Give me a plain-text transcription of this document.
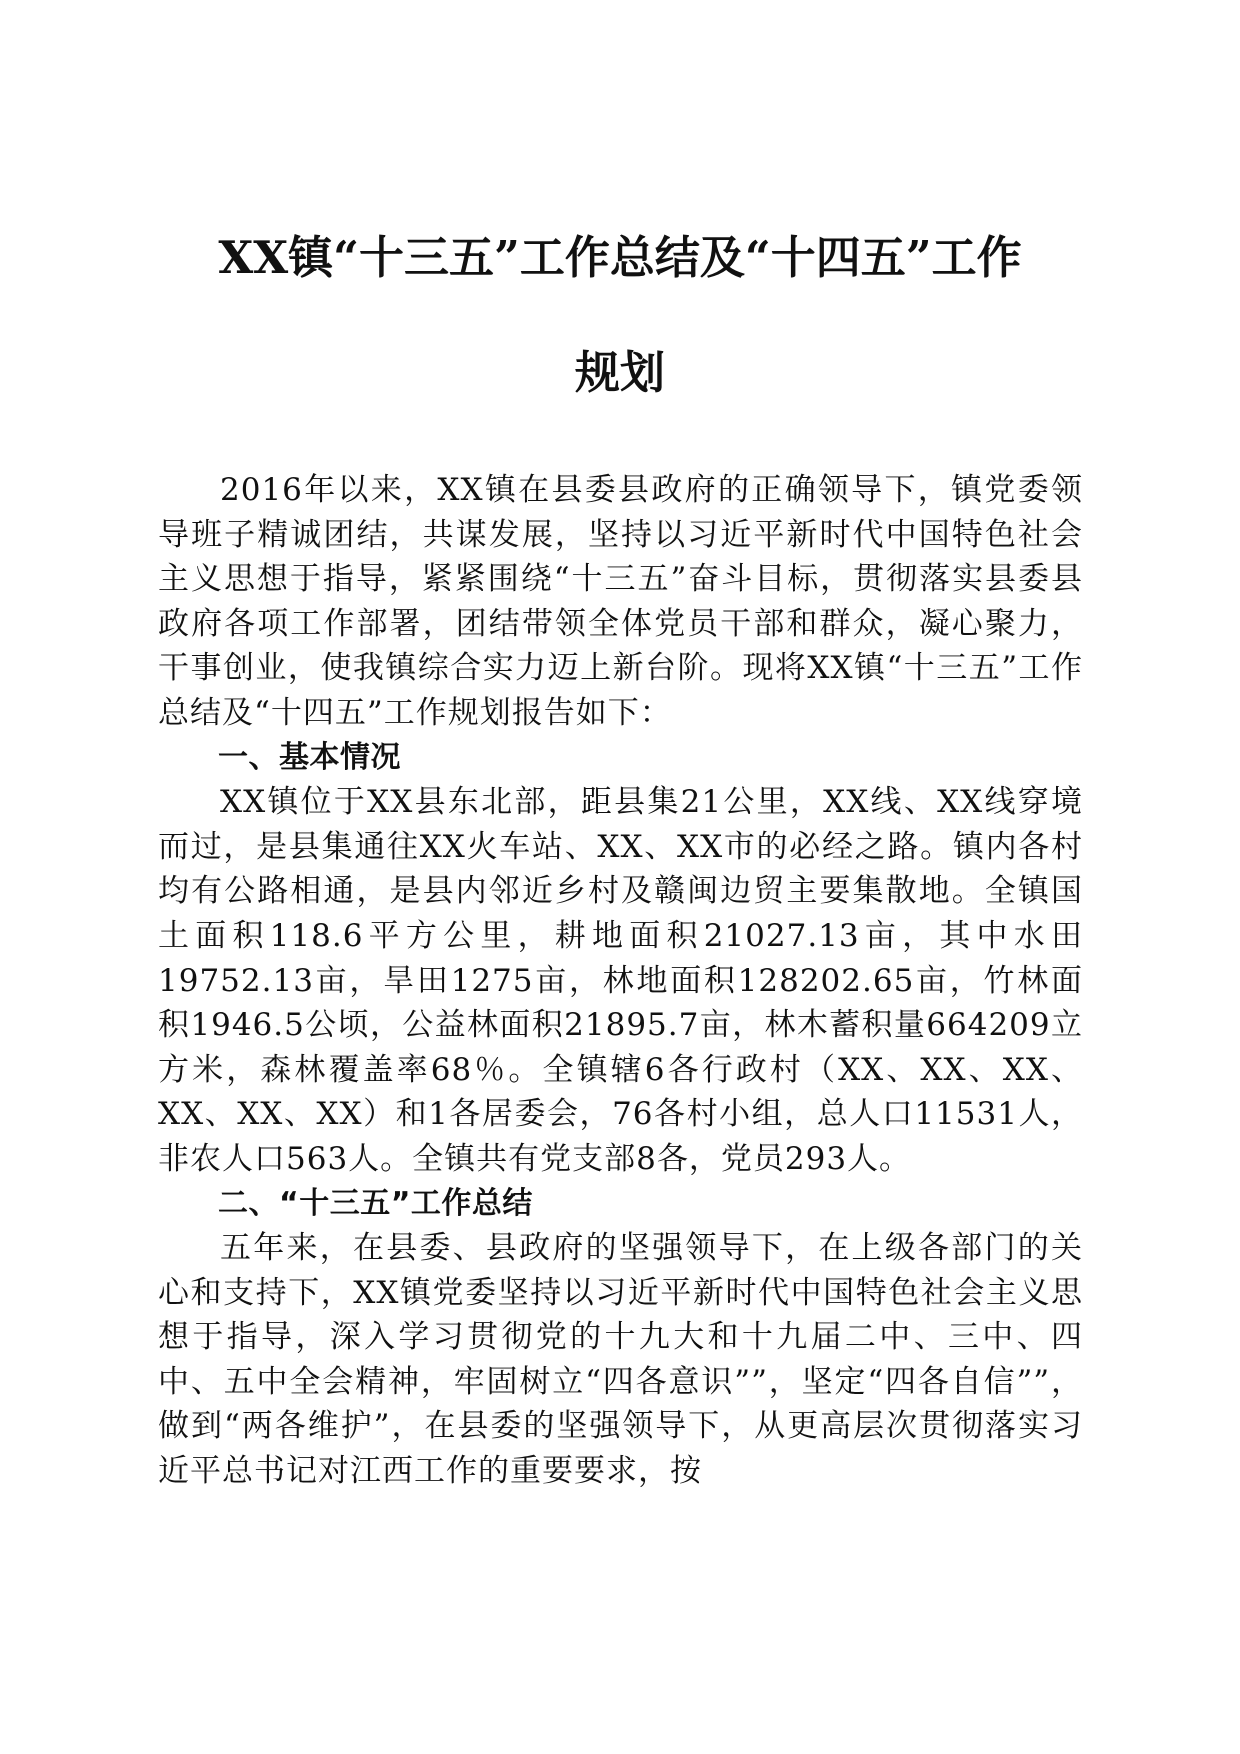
XX镇“十三五”工作总结及“十四五”工作
规划

2016年以来，XX镇在县委县政府的正确领导下，镇党委领导班子精诚团结，共谋发展，坚持以习近平新时代中国特色社会主义思想于指导，紧紧围绕“十三五”奋斗目标，贯彻落实县委县政府各项工作部署，团结带领全体党员干部和群众，凝心聚力，干事创业，使我镇综合实力迈上新台阶。现将XX镇“十三五”工作总结及“十四五”工作规划报告如下：

一、基本情况

XX镇位于XX县东北部，距县集21公里，XX线、XX线穿境而过，是县集通往XX火车站、XX、XX市的必经之路。镇内各村均有公路相通，是县内邻近乡村及赣闽边贸主要集散地。全镇国土面积118.6平方公里，耕地面积21027.13亩，其中水田19752.13亩，旱田1275亩，林地面积128202.65亩，竹林面积1946.5公顷，公益林面积21895.7亩，林木蓄积量664209立方米，森林覆盖率68％。全镇辖6各行政村（XX、XX、XX、XX、XX、XX）和1各居委会，76各村小组，总人口11531人，非农人口563人。全镇共有党支部8各，党员293人。

二、“十三五”工作总结

五年来，在县委、县政府的坚强领导下，在上级各部门的关心和支持下，XX镇党委坚持以习近平新时代中国特色社会主义思想于指导，深入学习贯彻党的十九大和十九届二中、三中、四中、五中全会精神，牢固树立“四各意识””，坚定“四各自信””，做到“两各维护”，在县委的坚强领导下，从更高层次贯彻落实习近平总书记对江西工作的重要要求，按
